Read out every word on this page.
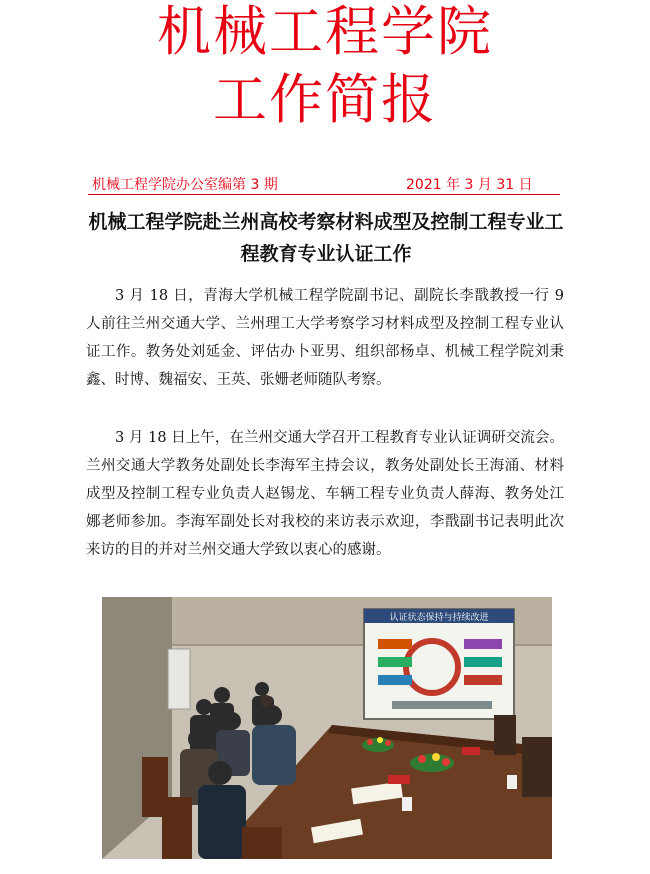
机械工程学院
工作简报
机械工程学院办公室编第 3 期	2021 年 3 月 31 日
机械工程学院赴兰州高校考察材料成型及控制工程专业工程教育专业认证工作

3 月 18 日，青海大学机械工程学院副书记、副院长李戬教授一行 9 人前往兰州交通大学、兰州理工大学考察学习材料成型及控制工程专业认证工作。教务处刘延金、评估办卜亚男、组织部杨卓、机械工程学院刘秉鑫、时博、魏福安、王英、张姗老师随队考察。

3 月 18 日上午，在兰州交通大学召开工程教育专业认证调研交流会。兰州交通大学教务处副处长李海军主持会议，教务处副处长王海涌、材料成型及控制工程专业负责人赵锡龙、车辆工程专业负责人薛海、教务处江娜老师参加。李海军副处长对我校的来访表示欢迎，李戬副书记表明此次来访的目的并对兰州交通大学致以衷心的感谢。

认证状态保持与持续改进
